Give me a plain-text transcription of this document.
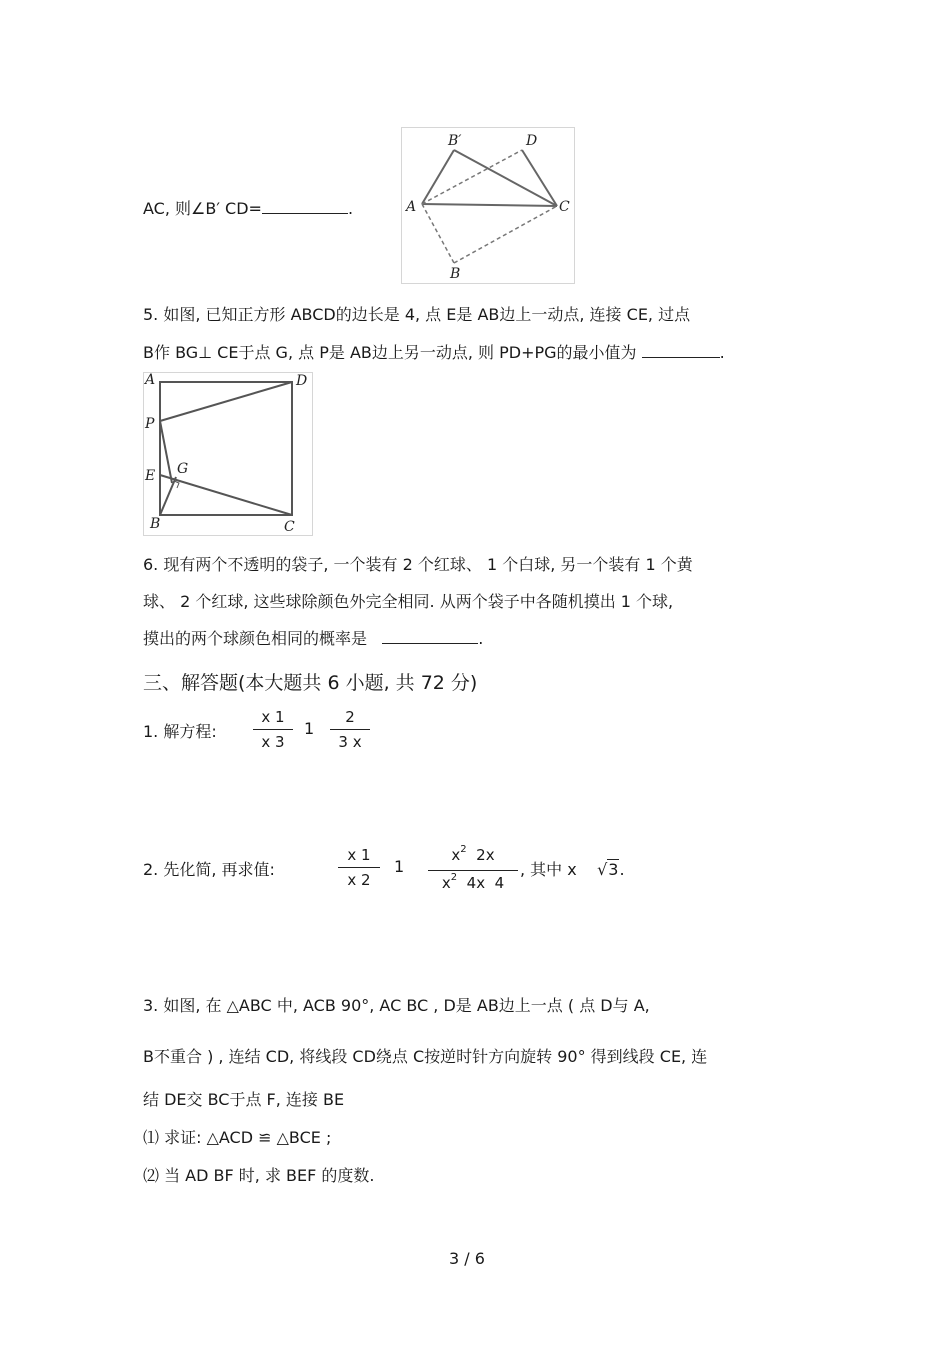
AC, 则∠B′ CD=	.
B′	D
A	C
B
5. 如图, 已知正方形 ABCD的边长是 4, 点 E是 AB边上一动点, 连接 CE, 过点
B作 BG⊥ CE于点 G, 点 P是 AB边上另一动点, 则 PD+PG的最小值为	.
A	D
P
E G
B	C
6. 现有两个不透明的袋子, 一个装有 2 个红球、 1 个白球, 另一个装有 1 个黄
球、 2 个红球, 这些球除颜色外完全相同. 从两个袋子中各随机摸出 1 个球,
摸出的两个球颜色相同的概率是	.
三、解答题(本大题共 6 小题, 共 72 分)
1. 解方程:
x 1
x 3
1
2
3 x
2. 先化简, 再求值:
x 1
x 2
1
$x^2$  2x
$x^2$  4x  4
, 其中 x √3.
3. 如图, 在 △ABC 中, ACB 90°, AC BC , D是 AB边上一点 ( 点 D与 A,
B不重合 ) , 连结 CD, 将线段 CD绕点 C按逆时针方向旋转 90° 得到线段 CE, 连
结 DE交 BC于点 F, 连接 BE
⑴ 求证: △ACD ≌ △BCE ;
⑵ 当 AD BF 时, 求 BEF 的度数.
3 / 6
